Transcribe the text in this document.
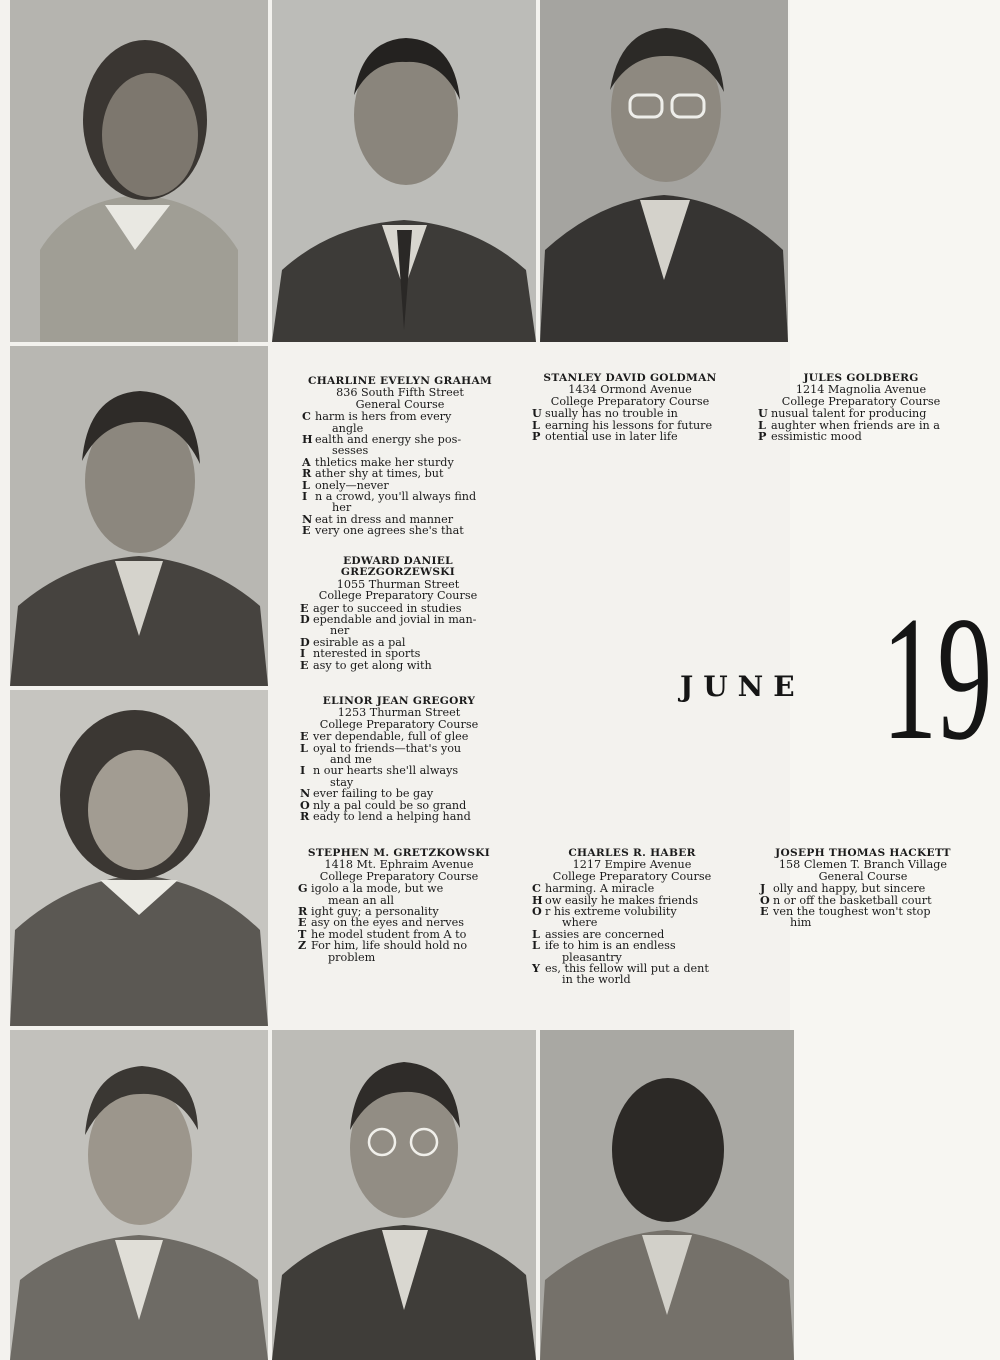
CHARLINE EVELYN GRAHAM
836 South Fifth Street
General Course
C harm is hers from every
angle
H ealth and energy she pos-
sesses
A thletics make her sturdy
R ather shy at times, but
L onely—never
I n a crowd, you'll always find
her
N eat in dress and manner
E very one agrees she's that
STANLEY DAVID GOLDMAN
1434 Ormond Avenue
College Preparatory Course
U sually has no trouble in
L earning his lessons for future
P otential use in later life
JULES GOLDBERG
1214 Magnolia Avenue
College Preparatory Course
U nusual talent for producing
L aughter when friends are in a
P essimistic mood
EDWARD DANIEL GREZGORZEWSKI
1055 Thurman Street
College Preparatory Course
E ager to succeed in studies
D ependable and jovial in man-
ner
D esirable as a pal
I nterested in sports
E asy to get along with
ELINOR JEAN GREGORY
1253 Thurman Street
College Preparatory Course
E ver dependable, full of glee
L oyal to friends—that's you
and me
I n our hearts she'll always
stay
N ever failing to be gay
O nly a pal could be so grand
R eady to lend a helping hand
STEPHEN M. GRETZKOWSKI
1418 Mt. Ephraim Avenue
College Preparatory Course
G igolo a la mode, but we
mean an all
R ight guy; a personality
E asy on the eyes and nerves
T he model student from A to
Z For him, life should hold no
problem
CHARLES R. HABER
1217 Empire Avenue
College Preparatory Course
C harming. A miracle
H ow easily he makes friends
O r his extreme volubility
where
L assies are concerned
L ife to him is an endless
pleasantry
Y es, this fellow will put a dent
in the world
JOSEPH THOMAS HACKETT
158 Clemen T. Branch Village
General Course
J olly and happy, but sincere
O n or off the basketball court
E ven the toughest won't stop
him
JUNE 19
